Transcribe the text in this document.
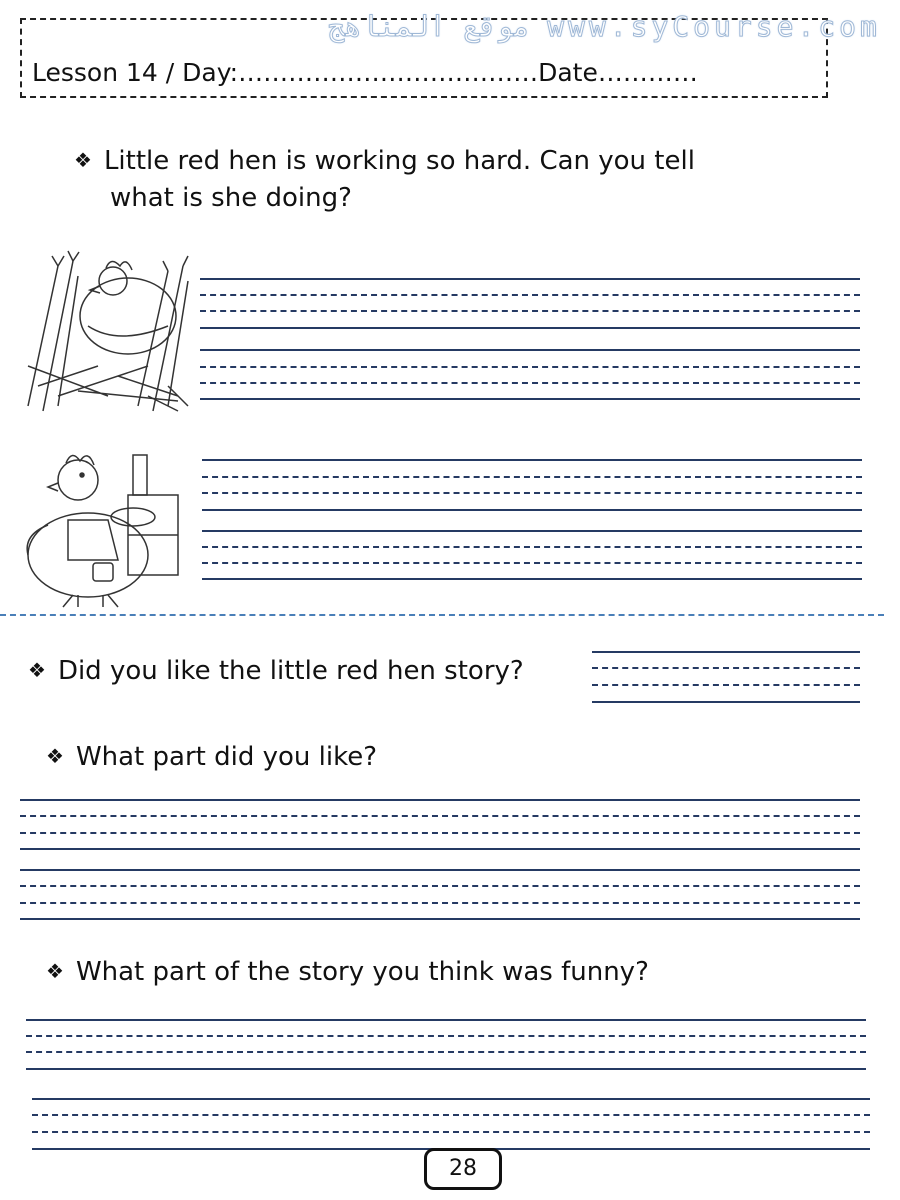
موقع المناهج www.syCourse.com
Lesson 14 / Day:………………………………Date…………
❖ Little red hen is working so hard. Can you tell
what is she doing?
❖ Did you like the little red hen story?
❖ What part did you like?
❖ What part of the story you think was funny?
28
